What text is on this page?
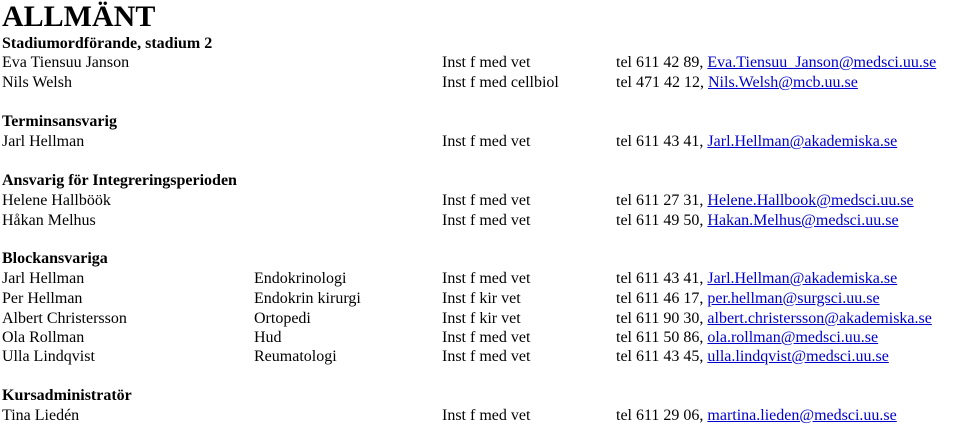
ALLMÄNT
Stadiumordförande, stadium 2
Eva Tiensuu Janson	Inst f med vet	tel 611 42 89, Eva.Tiensuu_Janson@medsci.uu.se
Nils Welsh	Inst f med cellbiol	tel 471 42 12, Nils.Welsh@mcb.uu.se
Terminsansvarig
Jarl Hellman	Inst f med vet	tel 611 43 41, Jarl.Hellman@akademiska.se
Ansvarig för Integreringsperioden
Helene Hallböök	Inst f med vet	tel 611 27 31, Helene.Hallbook@medsci.uu.se
Håkan Melhus	Inst f med vet	tel 611 49 50, Hakan.Melhus@medsci.uu.se
Blockansvariga
Jarl Hellman	Endokrinologi	Inst f med vet	tel 611 43 41, Jarl.Hellman@akademiska.se
Per Hellman	Endokrin kirurgi	Inst f kir vet	tel 611 46 17, per.hellman@surgsci.uu.se
Albert Christersson	Ortopedi	Inst f kir vet	tel 611 90 30, albert.christersson@akademiska.se
Ola Rollman	Hud	Inst f med vet	tel 611 50 86, ola.rollman@medsci.uu.se
Ulla Lindqvist	Reumatologi	Inst f med vet	tel 611 43 45, ulla.lindqvist@medsci.uu.se
Kursadministratör
Tina Liedén	Inst f med vet	tel 611 29 06, martina.lieden@medsci.uu.se
